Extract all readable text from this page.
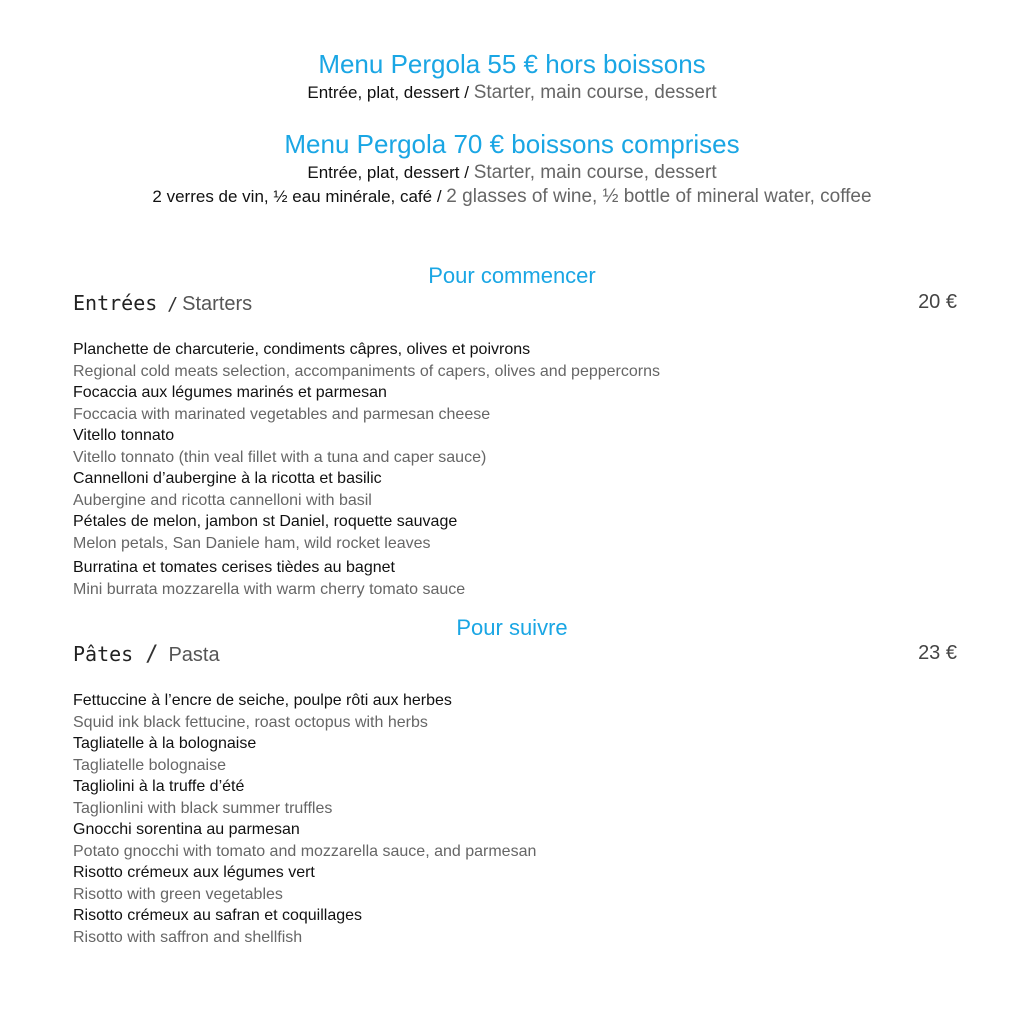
Menu Pergola 55 € hors boissons
Entrée, plat, dessert / Starter, main course, dessert
Menu Pergola 70 € boissons comprises
Entrée, plat, dessert / Starter, main course, dessert
2 verres de vin, ½ eau minérale, café / 2 glasses of wine, ½ bottle of mineral water, coffee
Pour commencer
Entrées / Starters	20 €
Planchette de charcuterie, condiments câpres, olives et poivrons
Regional cold meats selection, accompaniments of capers, olives and peppercorns
Focaccia aux légumes marinés et parmesan
Foccacia with marinated vegetables and parmesan cheese
Vitello tonnato
Vitello tonnato (thin veal fillet with a tuna and caper sauce)
Cannelloni d’aubergine à la ricotta et basilic
Aubergine and ricotta cannelloni with basil
Pétales de melon, jambon st Daniel, roquette sauvage
Melon petals, San Daniele ham, wild rocket leaves
Burratina et tomates cerises tièdes au bagnet
Mini burrata mozzarella with warm cherry tomato sauce
Pour suivre
Pâtes / Pasta	23 €
Fettuccine à l’encre de seiche, poulpe rôti aux herbes
Squid ink black fettucine, roast octopus with herbs
Tagliatelle à la bolognaise
Tagliatelle bolognaise
Tagliolini à la truffe d’été
Taglionlini with black summer truffles
Gnocchi sorentina au parmesan
Potato gnocchi with tomato and mozzarella sauce, and parmesan
Risotto crémeux aux légumes vert
Risotto with green vegetables
Risotto crémeux au safran et coquillages
Risotto with saffron and shellfish
